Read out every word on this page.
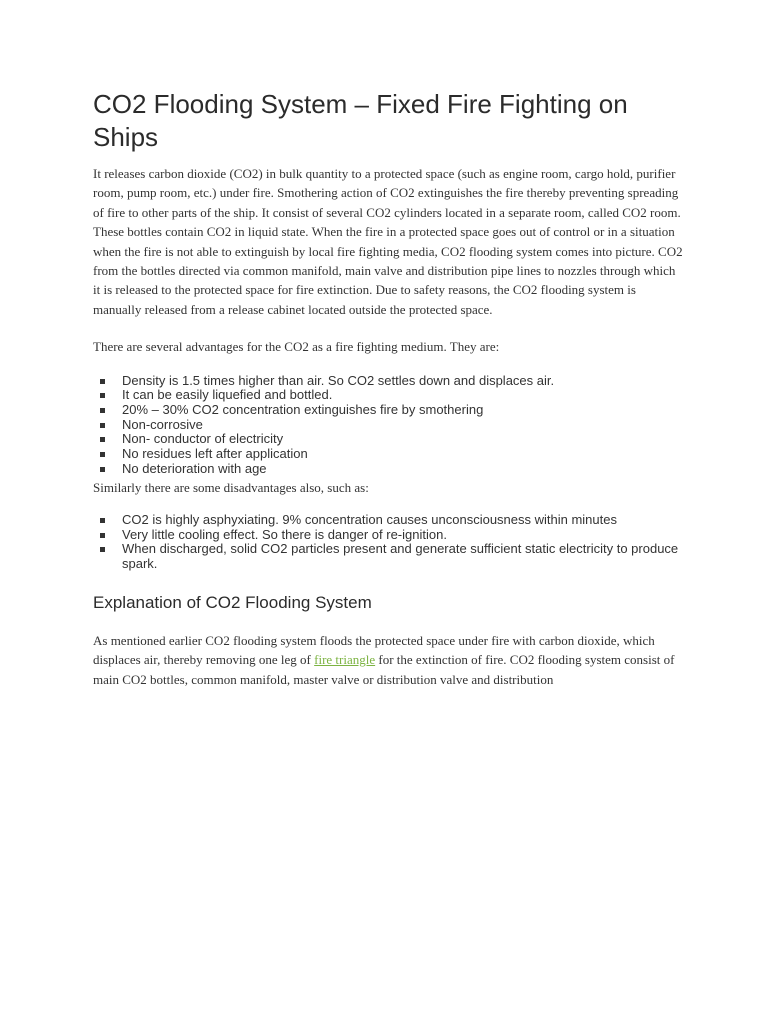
CO2 Flooding System – Fixed Fire Fighting on Ships

It releases carbon dioxide (CO2) in bulk quantity to a protected space (such as engine room, cargo hold, purifier room, pump room, etc.) under fire. Smothering action of CO2 extinguishes the fire thereby preventing spreading of fire to other parts of the ship. It consist of several CO2 cylinders located in a separate room, called CO2 room. These bottles contain CO2 in liquid state. When the fire in a protected space goes out of control or in a situation when the fire is not able to extinguish by local fire fighting media, CO2 flooding system comes into picture. CO2 from the bottles directed via common manifold, main valve and distribution pipe lines to nozzles through which it is released to the protected space for fire extinction. Due to safety reasons, the CO2 flooding system is manually released from a release cabinet located outside the protected space.

There are several advantages for the CO2 as a fire fighting medium. They are:

Density is 1.5 times higher than air. So CO2 settles down and displaces air.
It can be easily liquefied and bottled.
20% – 30% CO2 concentration extinguishes fire by smothering
Non-corrosive
Non- conductor of electricity
No residues left after application
No deterioration with age

Similarly there are some disadvantages also, such as:

CO2 is highly asphyxiating. 9% concentration causes unconsciousness within minutes
Very little cooling effect. So there is danger of re-ignition.
When discharged, solid CO2 particles present and generate sufficient static electricity to produce spark.
Explanation of CO2 Flooding System

As mentioned earlier CO2 flooding system floods the protected space under fire with carbon dioxide, which displaces air, thereby removing one leg of fire triangle for the extinction of fire. CO2 flooding system consist of main CO2 bottles, common manifold, master valve or distribution valve and distribution
